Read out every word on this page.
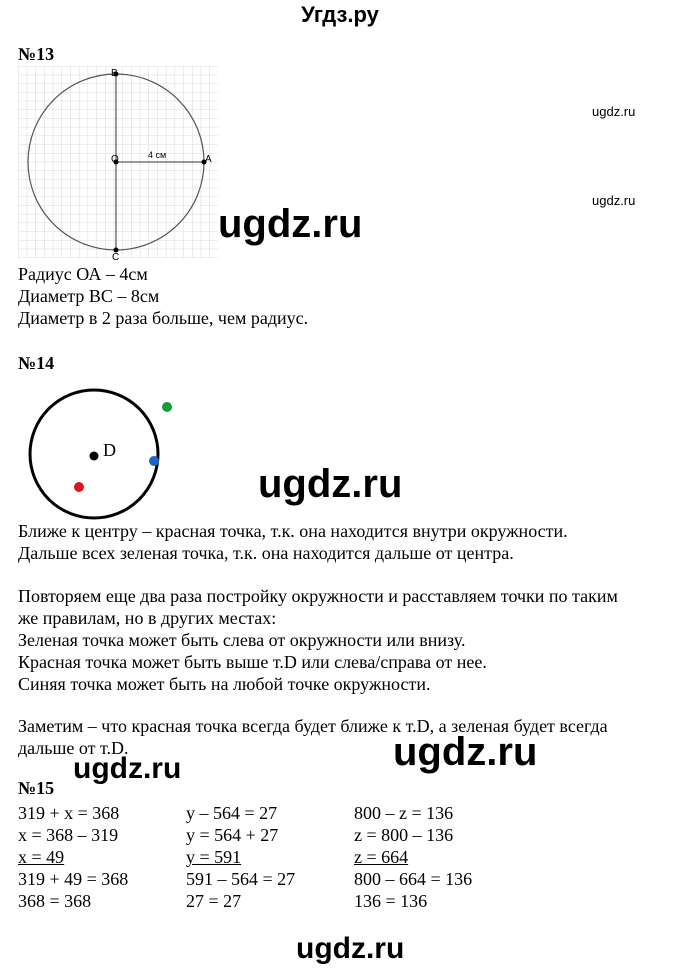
Угдз.ру
№13
B
O	A
C
4 см
ugdz.ru
ugdz.ru
ugdz.ru
Радиус ОА – 4см
Диаметр ВС – 8см
Диаметр в 2 раза больше, чем радиус.
№14
D
ugdz.ru
Ближе к центру – красная точка, т.к. она находится внутри окружности.
Дальше всех зеленая точка, т.к. она находится дальше от центра.
Повторяем еще два раза постройку окружности и расставляем точки по таким
же правилам, но в других местах:
Зеленая точка может быть слева от окружности или внизу.
Красная точка может быть выше т.D или слева/справа от нее.
Синяя точка может быть на любой точке окружности.
Заметим – что красная точка всегда будет ближе к т.D, а зеленая будет всегда
дальше от т.D.	ugdz.ru
ugdz.ru
№15
319 + x = 368
x = 368 – 319
x = 49
319 + 49 = 368
368 = 368
y – 564 = 27
y = 564 + 27
y = 591
591 – 564 = 27
27 = 27
800 – z = 136
z = 800 – 136
z = 664
800 – 664 = 136
136 = 136
ugdz.ru
